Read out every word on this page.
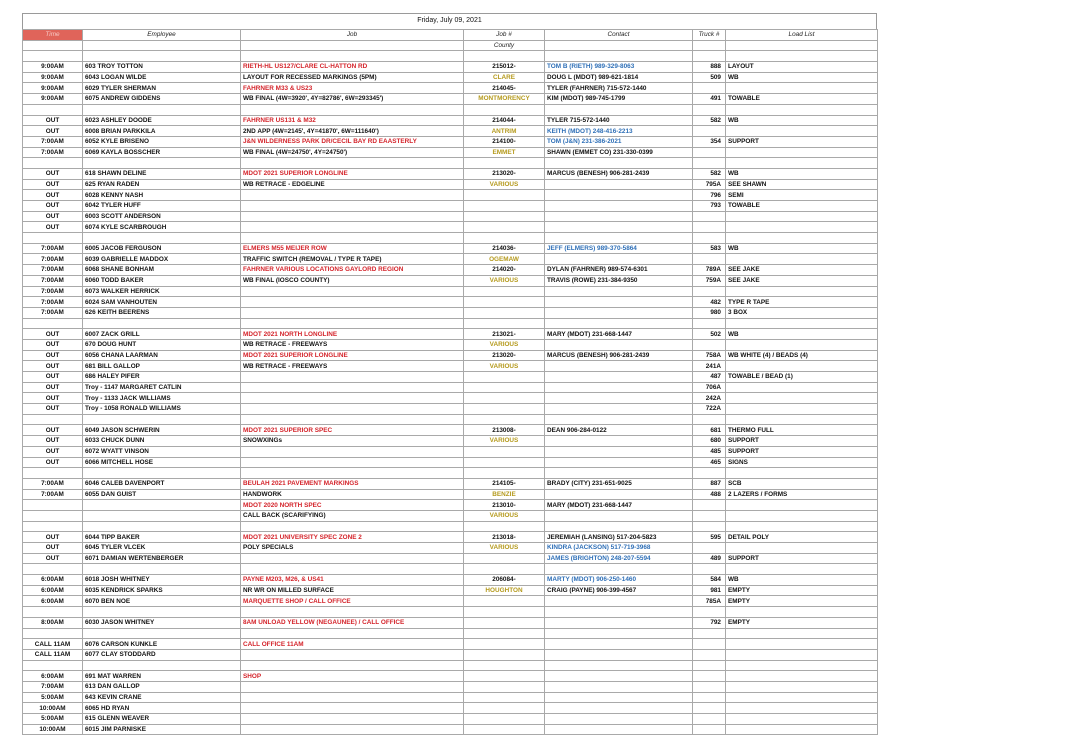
Friday, July 09, 2021
Time	Employee	Job	Job #	Contact	Truck #	Load List
			County			

9:00AM	603 TROY TOTTON	RIETH-HL US127/CLARE CL-HATTON RD	215012-	TOM B (RIETH) 989-329-8063	888	LAYOUT
9:00AM	6043 LOGAN WILDE	LAYOUT FOR RECESSED MARKINGS (5PM)	CLARE	DOUG L (MDOT) 989-621-1814	509	WB
9:00AM	6029 TYLER SHERMAN	FAHRNER M33 & US23	214045-	TYLER (FAHRNER) 715-572-1440		
9:00AM	6075 ANDREW GIDDENS	WB FINAL (4W=3920', 4Y=82786', 6W=293345')	MONTMORENCY	KIM (MDOT) 989-745-1799	491	TOWABLE

OUT	6023 ASHLEY DOODE	FAHRNER US131 & M32	214044-	TYLER 715-572-1440	582	WB
OUT	6008 BRIAN PARKKILA	2ND APP (4W=2145', 4Y=41870', 6W=111640')	ANTRIM	KEITH (MDOT) 248-416-2213		
7:00AM	6052 KYLE BRISENO	J&N WILDERNESS PARK DR/CECIL BAY RD EAASTERLY	214100-	TOM (J&N) 231-386-2021	354	SUPPORT
7:00AM	6069 KAYLA BOSSCHER	WB FINAL (4W=24750', 4Y=24750')	EMMET	SHAWN (EMMET CO) 231-330-0399		

OUT	618 SHAWN DELINE	MDOT 2021 SUPERIOR LONGLINE	213020-	MARCUS (BENESH) 906-281-2439	582	WB
OUT	625 RYAN RADEN	WB RETRACE - EDGELINE	VARIOUS		795A	SEE SHAWN
OUT	6028 KENNY NASH				796	SEMI
OUT	6042 TYLER HUFF				793	TOWABLE
OUT	6003 SCOTT ANDERSON					
OUT	6074 KYLE SCARBROUGH					

7:00AM	6005 JACOB FERGUSON	ELMERS M55 MEIJER ROW	214036-	JEFF (ELMERS) 989-370-5864	583	WB
7:00AM	6039 GABRIELLE MADDOX	TRAFFIC SWITCH (REMOVAL / TYPE R TAPE)	OGEMAW			
7:00AM	6068 SHANE BONHAM	FAHRNER VARIOUS LOCATIONS GAYLORD REGION	214020-	DYLAN (FAHRNER) 989-574-6301	789A	SEE JAKE
7:00AM	6060 TODD BAKER	WB FINAL (IOSCO COUNTY)	VARIOUS	TRAVIS (ROWE) 231-384-9350	759A	SEE JAKE
7:00AM	6073 WALKER HERRICK					
7:00AM	6024 SAM VANHOUTEN				482	TYPE R TAPE
7:00AM	626 KEITH BEERENS				980	3 BOX

OUT	6007 ZACK GRILL	MDOT 2021 NORTH LONGLINE	213021-	MARY (MDOT) 231-668-1447	502	WB
OUT	670 DOUG HUNT	WB RETRACE - FREEWAYS	VARIOUS			
OUT	6056 CHANA LAARMAN	MDOT 2021 SUPERIOR LONGLINE	213020-	MARCUS (BENESH) 906-281-2439	758A	WB WHITE (4) / BEADS (4)
OUT	681 BILL GALLOP	WB RETRACE - FREEWAYS	VARIOUS		241A	
OUT	686 HALEY PIFER				487	TOWABLE / BEAD (1)
OUT	Troy - 1147 MARGARET CATLIN				706A	
OUT	Troy - 1133 JACK WILLIAMS				242A	
OUT	Troy - 1058 RONALD WILLIAMS				722A	

OUT	6049 JASON SCHWERIN	MDOT 2021 SUPERIOR SPEC	213008-	DEAN 906-284-0122	681	THERMO FULL
OUT	6033 CHUCK DUNN	SNOWXINGs	VARIOUS		680	SUPPORT
OUT	6072 WYATT VINSON				485	SUPPORT
OUT	6066 MITCHELL HOSE				465	SIGNS

7:00AM	6046 CALEB DAVENPORT	BEULAH 2021 PAVEMENT MARKINGS	214105-	BRADY (CITY) 231-651-9025	887	SCB
7:00AM	6055 DAN GUIST	HANDWORK	BENZIE		488	2 LAZERS / FORMS
		MDOT 2020 NORTH SPEC	213010-	MARY (MDOT) 231-668-1447		
		CALL BACK (SCARIFYING)	VARIOUS			

OUT	6044 TIPP BAKER	MDOT 2021 UNIVERSITY SPEC ZONE 2	213018-	JEREMIAH (LANSING) 517-204-5823	595	DETAIL POLY
OUT	6045 TYLER VLCEK	POLY SPECIALS	VARIOUS	KINDRA (JACKSON) 517-719-3968		
OUT	6071 DAMIAN WERTENBERGER			JAMES (BRIGHTON) 248-207-5594	489	SUPPORT

6:00AM	6018 JOSH WHITNEY	PAYNE M203, M26, & US41	206084-	MARTY (MDOT) 906-250-1460	584	WB
6:00AM	6035 KENDRICK SPARKS	NR WR ON MILLED SURFACE	HOUGHTON	CRAIG (PAYNE) 906-399-4567	981	EMPTY
6:00AM	6070 BEN NOE	MARQUETTE SHOP / CALL OFFICE			785A	EMPTY

8:00AM	6030 JASON WHITNEY	8AM UNLOAD YELLOW (NEGAUNEE) / CALL OFFICE			792	EMPTY

CALL 11AM	6076 CARSON KUNKLE	CALL OFFICE 11AM				
CALL 11AM	6077 CLAY STODDARD					

6:00AM	691 MAT WARREN	SHOP				
7:00AM	613 DAN GALLOP					
5:00AM	643 KEVIN CRANE					
10:00AM	6065 HD RYAN					
5:00AM	615 GLENN WEAVER					
10:00AM	6015 JIM PARNISKE					
